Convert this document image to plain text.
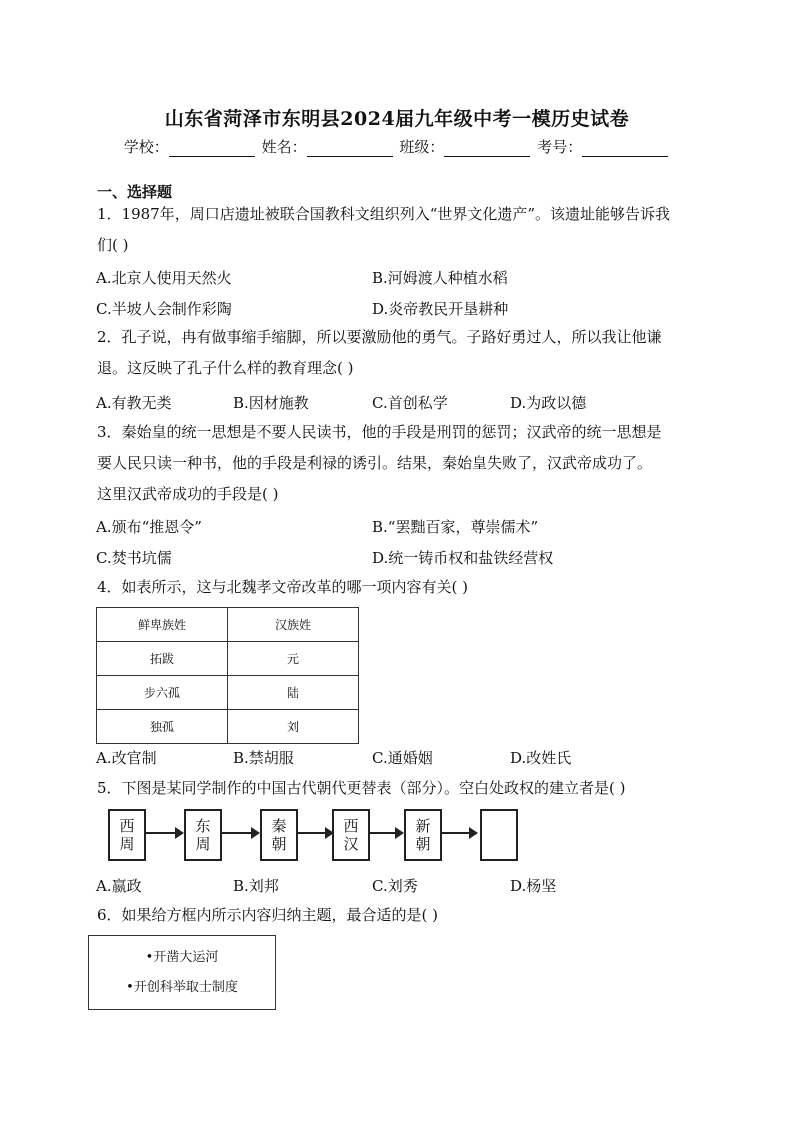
山东省菏泽市东明县2024届九年级中考一模历史试卷
学校：	姓名：	班级：	考号：
一、选择题
1．1987年，周口店遗址被联合国教科文组织列入“世界文化遗产”。该遗址能够告诉我
们( )
A.北京人使用天然火	B.河姆渡人种植水稻
C.半坡人会制作彩陶	D.炎帝教民开垦耕种
2．孔子说，冉有做事缩手缩脚，所以要激励他的勇气。子路好勇过人，所以我让他谦
退。这反映了孔子什么样的教育理念( )
A.有教无类	B.因材施教	C.首创私学	D.为政以德
3．秦始皇的统一思想是不要人民读书，他的手段是刑罚的惩罚；汉武帝的统一思想是
要人民只读一种书，他的手段是利禄的诱引。结果，秦始皇失败了，汉武帝成功了。
这里汉武帝成功的手段是( )
A.颁布“推恩令”	B.“罢黜百家，尊崇儒术”
C.焚书坑儒	D.统一铸币权和盐铁经营权
4．如表所示，这与北魏孝文帝改革的哪一项内容有关( )
鲜卑族姓	汉族姓
拓跋	元
步六孤	陆
独孤	刘
A.改官制	B.禁胡服	C.通婚姻	D.改姓氏
5．下图是某同学制作的中国古代朝代更替表（部分）。空白处政权的建立者是( )
西
周
东
周
秦
朝
西
汉
新
朝
A.嬴政	B.刘邦	C.刘秀	D.杨坚
6．如果给方框内所示内容归纳主题，最合适的是( )
•开凿大运河
•开创科举取士制度
